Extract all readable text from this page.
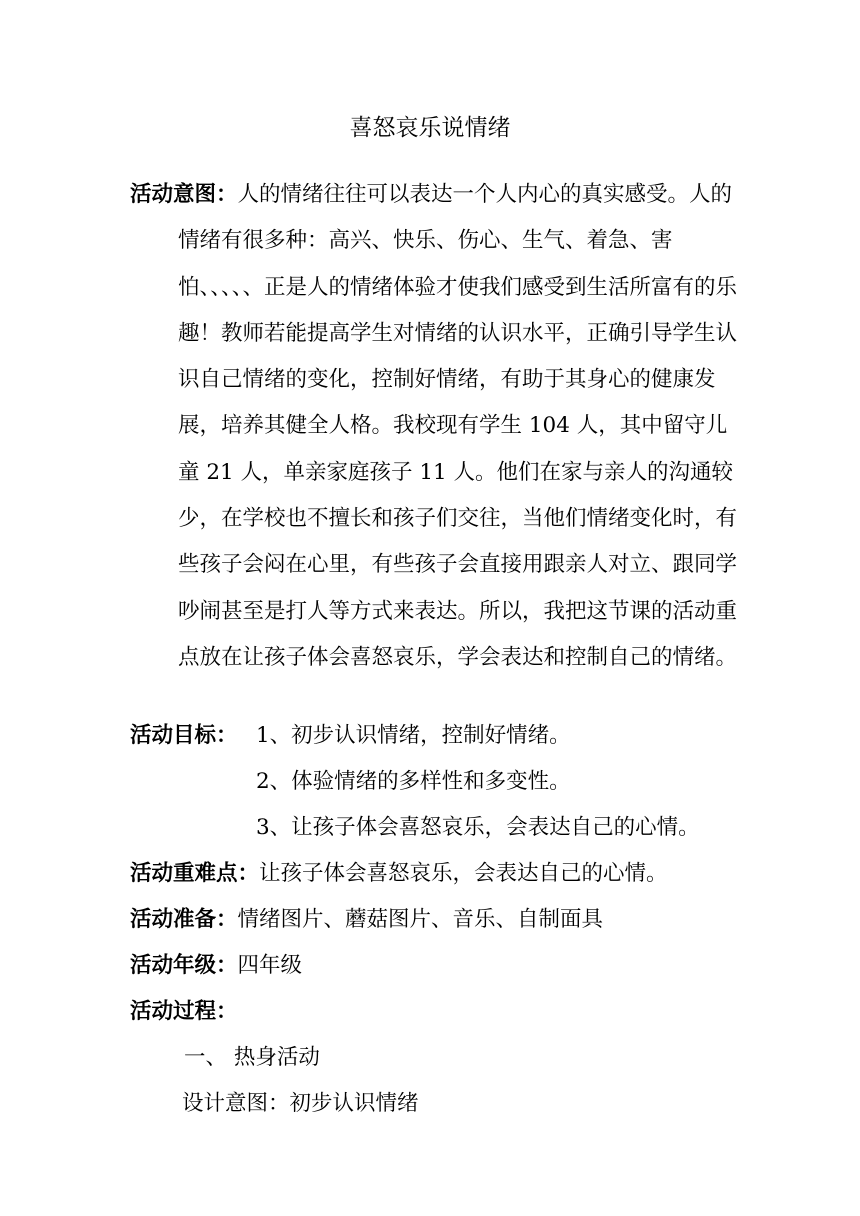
喜怒哀乐说情绪
活动意图：人的情绪往往可以表达一个人内心的真实感受。人的情绪有很多种：高兴、快乐、伤心、生气、着急、害怕、、、、、正是人的情绪体验才使我们感受到生活所富有的乐趣！教师若能提高学生对情绪的认识水平，正确引导学生认识自己情绪的变化，控制好情绪，有助于其身心的健康发展，培养其健全人格。我校现有学生 104 人，其中留守儿童 21 人，单亲家庭孩子 11 人。他们在家与亲人的沟通较少，在学校也不擅长和孩子们交往，当他们情绪变化时，有些孩子会闷在心里，有些孩子会直接用跟亲人对立、跟同学吵闹甚至是打人等方式来表达。所以，我把这节课的活动重点放在让孩子体会喜怒哀乐，学会表达和控制自己的情绪。
活动目标： 1、初步认识情绪，控制好情绪。
2、体验情绪的多样性和多变性。
3、让孩子体会喜怒哀乐，会表达自己的心情。
活动重难点：让孩子体会喜怒哀乐，会表达自己的心情。
活动准备：情绪图片、蘑菇图片、音乐、自制面具
活动年级：四年级
活动过程：
一、 热身活动
设计意图：初步认识情绪
